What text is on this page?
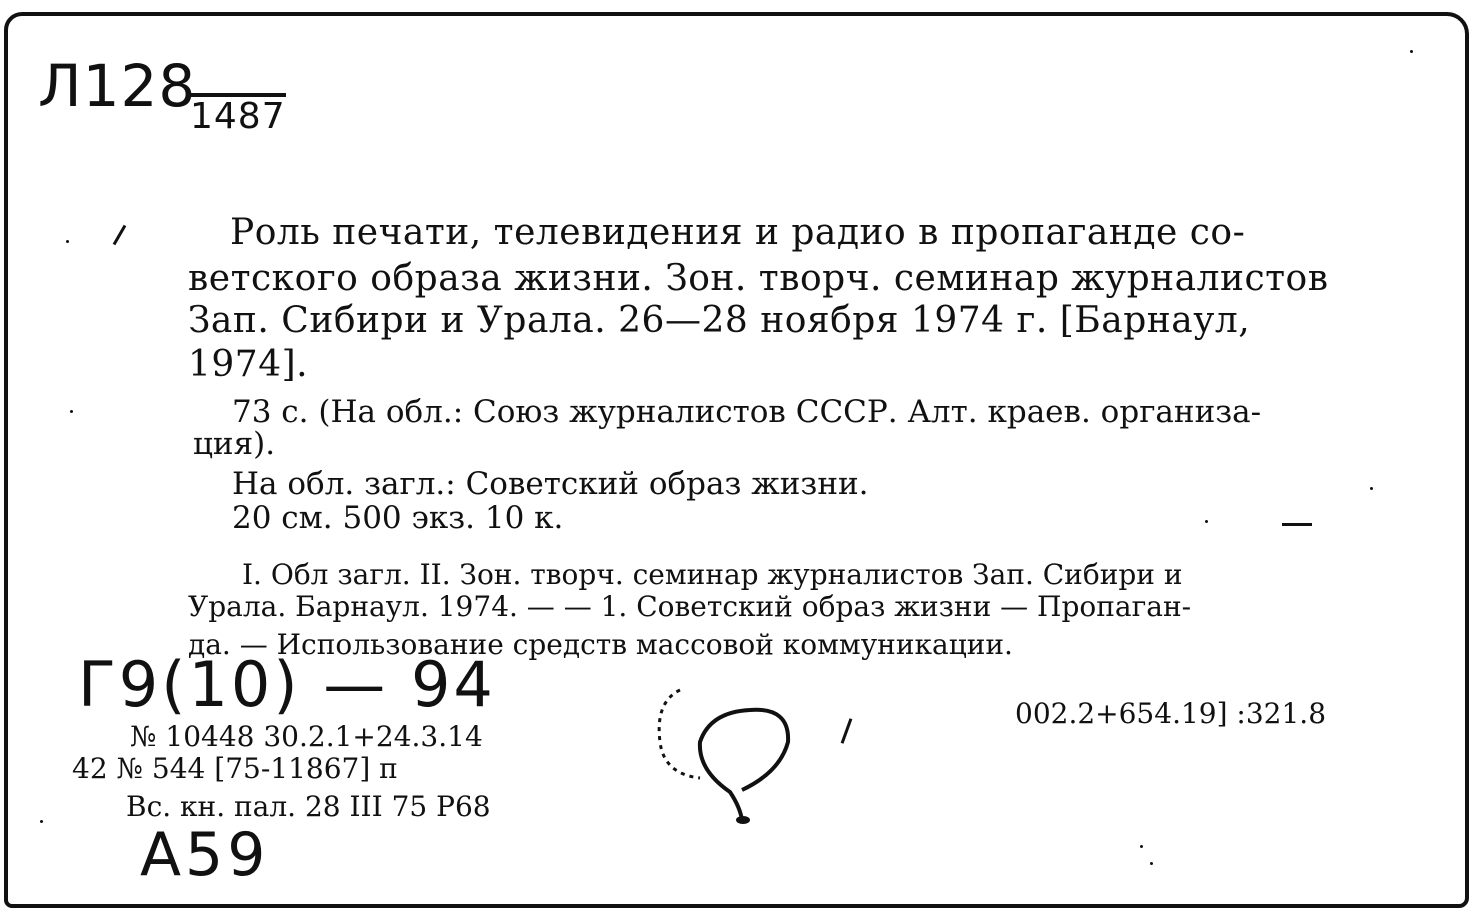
Л128
1487
Роль печати, телевидения и радио в пропаганде со-
ветского образа жизни. Зон. творч. семинар журналистов
Зап. Сибири и Урала. 26—28 ноября 1974 г. [Барнаул,
1974].
73 с. (На обл.: Союз журналистов СССР. Алт. краев. организа-
ция).
На обл. загл.: Советский образ жизни.
20 см. 500 экз. 10 к.
I. Обл загл. II. Зон. творч. семинар журналистов Зап. Сибири и
Урала. Барнаул. 1974. — — 1. Советский образ жизни — Пропаган-
да. — Использование средств массовой коммуникации.
Г9(10) — 94	002.2+654.19] :321.8
№ 10448 30.2.1+24.3.14
42 № 544 [75-11867] п
Вс. кн. пал. 28 III 75 Р68
А59
